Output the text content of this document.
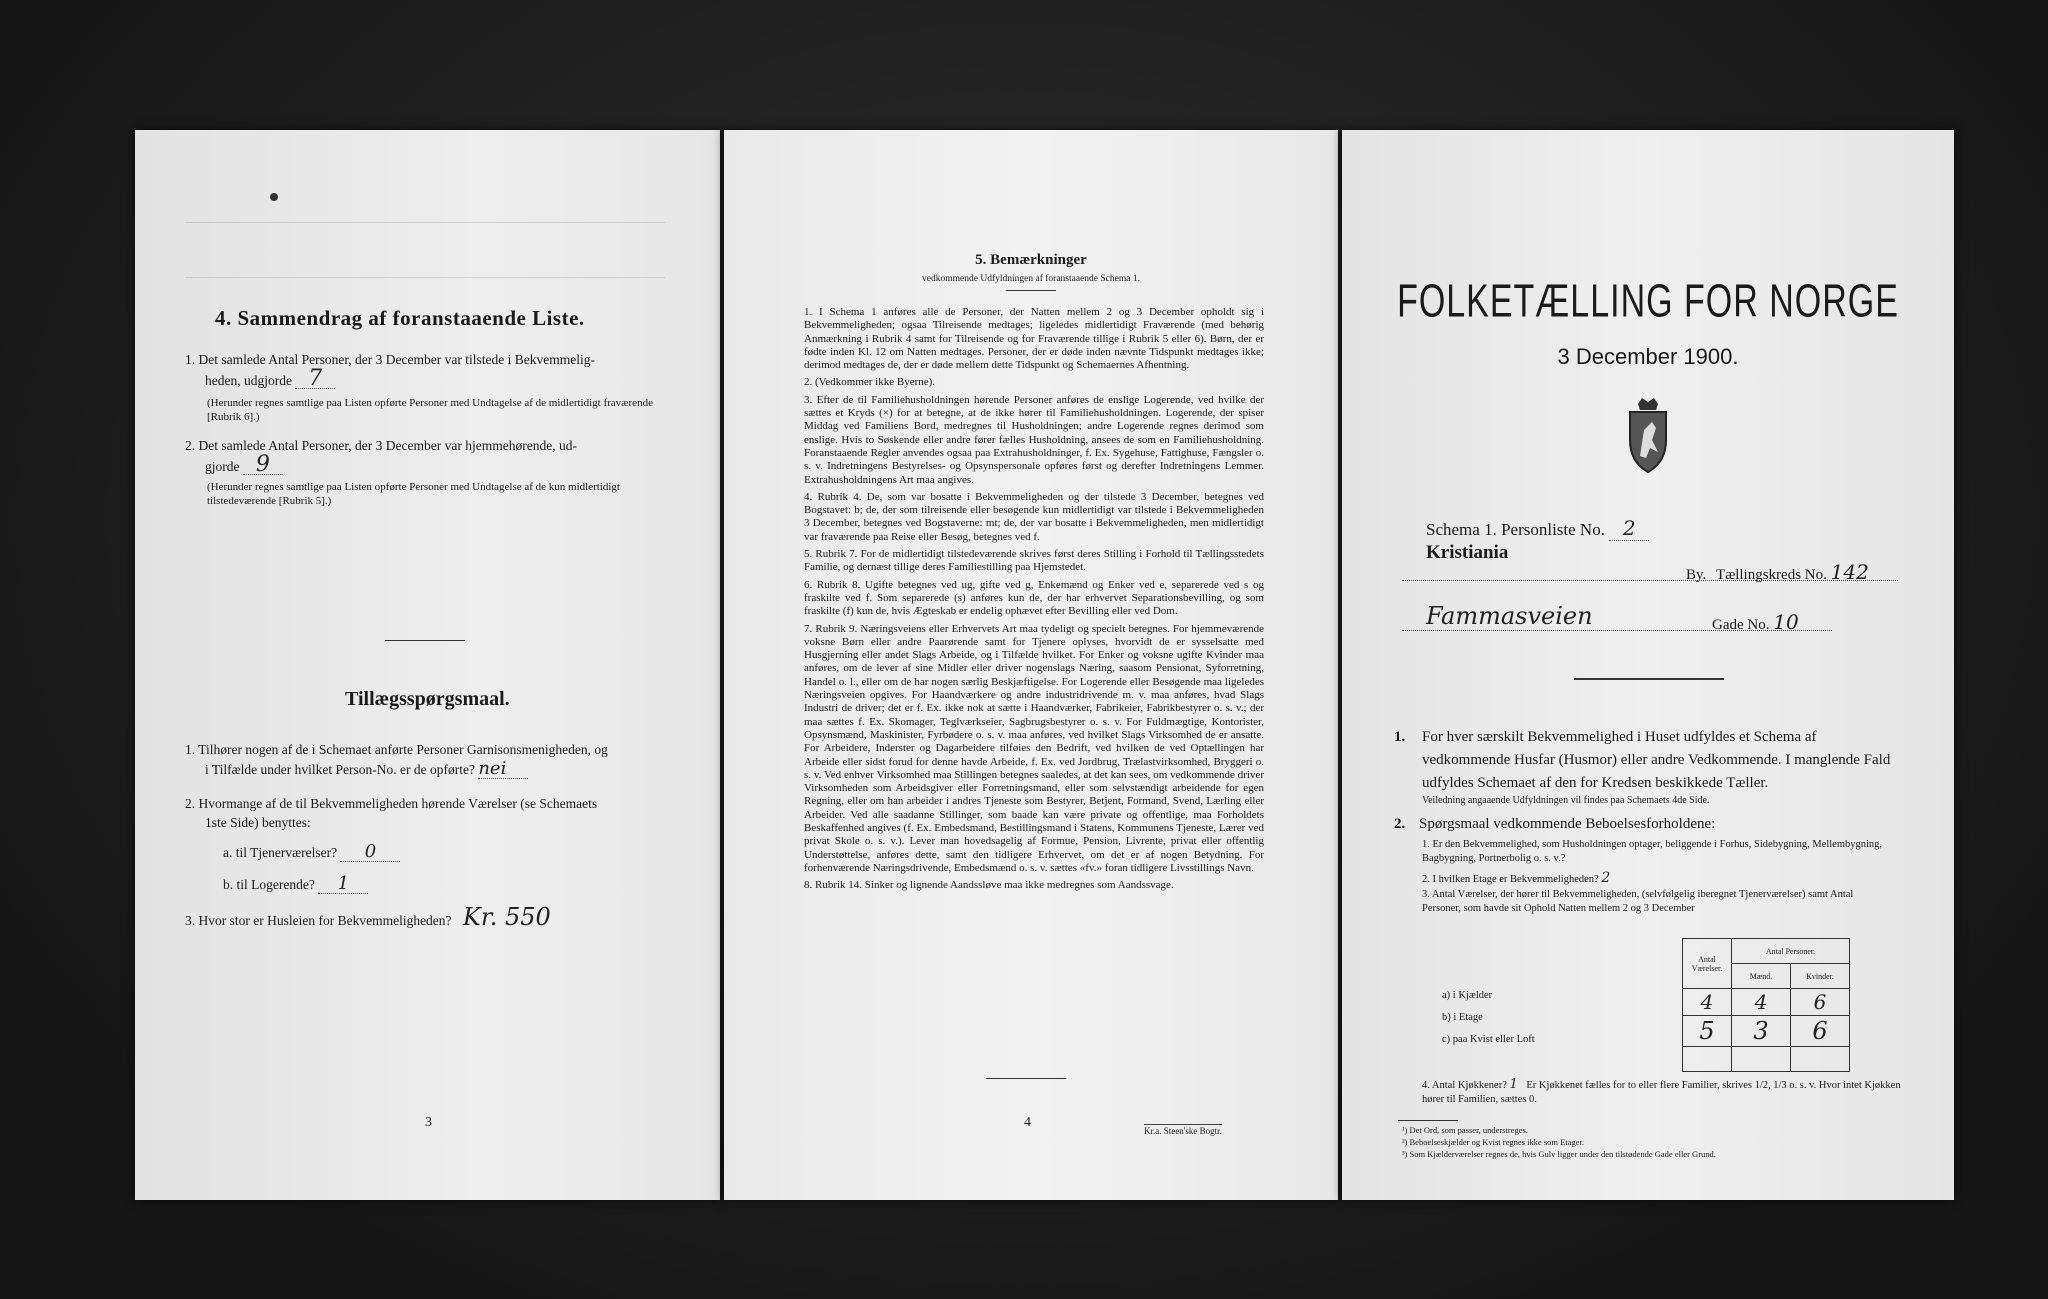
4. Sammendrag af foranstaaende Liste.
1. Det samlede Antal Personer, der 3 December var tilstede i Bekvemmelig-
heden, udgjorde 7
(Herunder regnes samtlige paa Listen opførte Personer med Undtagelse af de midlertidigt fraværende [Rubrik 6].)
2. Det samlede Antal Personer, der 3 December var hjemmehørende, ud-
gjorde 9
(Herunder regnes samtlige paa Listen opførte Personer med Undtagelse af de kun midlertidigt tilstedeværende [Rubrik 5].)
Tillægsspørgsmaal.
1. Tilhører nogen af de i Schemaet anførte Personer Garnisonsmenigheden, og
i Tilfælde under hvilket Person-No. er de opførte? nei
2. Hvormange af de til Bekvemmeligheden hørende Værelser (se Schemaets
1ste Side) benyttes:
a. til Tjenerværelser? 0
b. til Logerende? 1
3. Hvor stor er Husleien for Bekvemmeligheden? Kr. 550
3
5. Bemærkninger
vedkommende Udfyldningen af foranstaaende Schema 1.
1. I Schema 1 anføres alle de Personer, der Natten mellem 2 og 3 December opholdt sig i Bekvemmeligheden; ogsaa Tilreisende medtages; ligeledes midlertidigt Fraværende (med behørig Anmærkning i Rubrik 4 samt for Tilreisende og for Fraværende tillige i Rubrik 5 eller 6). Børn, der er fødte inden Kl. 12 om Natten medtages. Personer, der er døde inden nævnte Tidspunkt medtages ikke; derimod medtages de, der er døde mellem dette Tidspunkt og Schemaernes Afhentning.
2. (Vedkommer ikke Byerne).
3. Efter de til Familiehusholdningen hørende Personer anføres de enslige Logerende, ved hvilke der sættes et Kryds (×) for at betegne, at de ikke hører til Familiehusholdningen. Logerende, der spiser Middag ved Familiens Bord, medregnes til Husholdningen; andre Logerende regnes derimod som enslige. Hvis to Søskende eller andre fører fælles Husholdning, ansees de som en Familiehusholdning. Foranstaaende Regler anvendes ogsaa paa Extrahusholdninger, f. Ex. Sygehuse, Fattighuse, Fængsler o. s. v. Indretningens Bestyrelses- og Opsynspersonale opføres først og derefter Indretningens Lemmer. Extrahusholdningens Art maa angives.
4. Rubrik 4. De, som var bosatte i Bekvemmeligheden og der tilstede 3 December, betegnes ved Bogstavet: b; de, der som tilreisende eller besøgende kun midlertidigt var tilstede i Bekvemmeligheden 3 December, betegnes ved Bogstaverne: mt; de, der var bosatte i Bekvemmeligheden, men midlertidigt var fraværende paa Reise eller Besøg, betegnes ved f.
5. Rubrik 7. For de midlertidigt tilstedeværende skrives først deres Stilling i Forhold til Tællingsstedets Familie, og dernæst tillige deres Familiestilling paa Hjemstedet.
6. Rubrik 8. Ugifte betegnes ved ug, gifte ved g, Enkemænd og Enker ved e, separerede ved s og fraskilte ved f. Som separerede (s) anføres kun de, der har erhvervet Separationsbevilling, og som fraskilte (f) kun de, hvis Ægteskab er endelig ophævet efter Bevilling eller ved Dom.
7. Rubrik 9. Næringsveiens eller Erhvervets Art maa tydeligt og specielt betegnes. For hjemmeværende voksne Børn eller andre Paarørende samt for Tjenere oplyses, hvorvidt de er sysselsatte med Husgjerning eller andet Slags Arbeide, og i Tilfælde hvilket. For Enker og voksne ugifte Kvinder maa anføres, om de lever af sine Midler eller driver nogenslags Næring, saasom Pensionat, Syforretning, Handel o. l., eller om de har nogen særlig Beskjæftigelse. For Logerende eller Besøgende maa ligeledes Næringsveien opgives. For Haandværkere og andre industridrivende m. v. maa anføres, hvad Slags Industri de driver; det er f. Ex. ikke nok at sætte i Haandværker, Fabrikeier, Fabrikbestyrer o. s. v.; der maa sættes f. Ex. Skomager, Teglværkseier, Sagbrugsbestyrer o. s. v. For Fuldmægtige, Kontorister, Opsynsmænd, Maskinister, Fyrbødere o. s. v. maa anføres, ved hvilket Slags Virksomhed de er ansatte. For Arbeidere, Inderster og Dagarbeidere tilføies den Bedrift, ved hvilken de ved Optællingen har Arbeide eller sidst forud for denne havde Arbeide, f. Ex. ved Jordbrug, Trælastvirksomhed, Bryggeri o. s. v. Ved enhver Virksomhed maa Stillingen betegnes saaledes, at det kan sees, om vedkommende driver Virksomheden som Arbeidsgiver eller Forretningsmand, eller som selvstændigt arbeidende for egen Regning, eller om han arbeider i andres Tjeneste som Bestyrer, Betjent, Formand, Svend, Lærling eller Arbeider. Ved alle saadanne Stillinger, som baade kan være private og offentlige, maa Forholdets Beskaffenhed angives (f. Ex. Embedsmand, Bestillingsmand i Statens, Kommunens Tjeneste, Lærer ved privat Skole o. s. v.). Lever man hovedsagelig af Formue, Pension, Livrente, privat eller offentlig Understøttelse, anføres dette, samt den tidligere Erhvervet, om det er af nogen Betydning. For forhenværende Næringsdrivende, Embedsmænd o. s. v. sættes «fv.» foran tidligere Livsstillings Navn.
8. Rubrik 14. Sinker og lignende Aandssløve maa ikke medregnes som Aandssvage.
4
Kr.a. Steen'ske Bogtr.
FOLKETÆLLING FOR NORGE
3 December 1900.
Schema 1. Personliste No. 2
Kristiania
By. Tællingskreds No. 142
Fammasveien	Gade No. 10
1. For hver særskilt Bekvemmelighed i Huset udfyldes et Schema af vedkommende Husfar (Husmor) eller andre Vedkommende. I manglende Fald udfyldes Schemaet af den for Kredsen beskikkede Tæller.
Veiledning angaaende Udfyldningen vil findes paa Schemaets 4de Side.
2. Spørgsmaal vedkommende Beboelsesforholdene:
1. Er den Bekvemmelighed, som Husholdningen optager, beliggende i Forhus, Sidebygning, Mellembygning, Bagbygning, Portnerbolig o. s. v.?
2. I hvilken Etage er Bekvemmeligheden? 2
3. Antal Værelser, der hører til Bekvemmeligheden, (selvfølgelig iberegnet Tjenerværelser) samt Antal Personer, som havde sit Ophold Natten mellem 2 og 3 December
a) i Kjælder
b) i Etage
c) paa Kvist eller Loft
Antal Værelser.	Antal Personer.	
	Mænd.	Kvinder.
4	4	6
5	3	6

4. Antal Kjøkkener? 1 Er Kjøkkenet fælles for to eller flere Familier, skrives 1/2, 1/3 o. s. v. Hvor intet Kjøkken hører til Familien, sættes 0.
¹) Det Ord, som passer, understreges.
²) Beboelseskjælder og Kvist regnes ikke som Etager.
³) Som Kjælderværelser regnes de, hvis Gulv ligger under den tilstødende Gade eller Grund.
